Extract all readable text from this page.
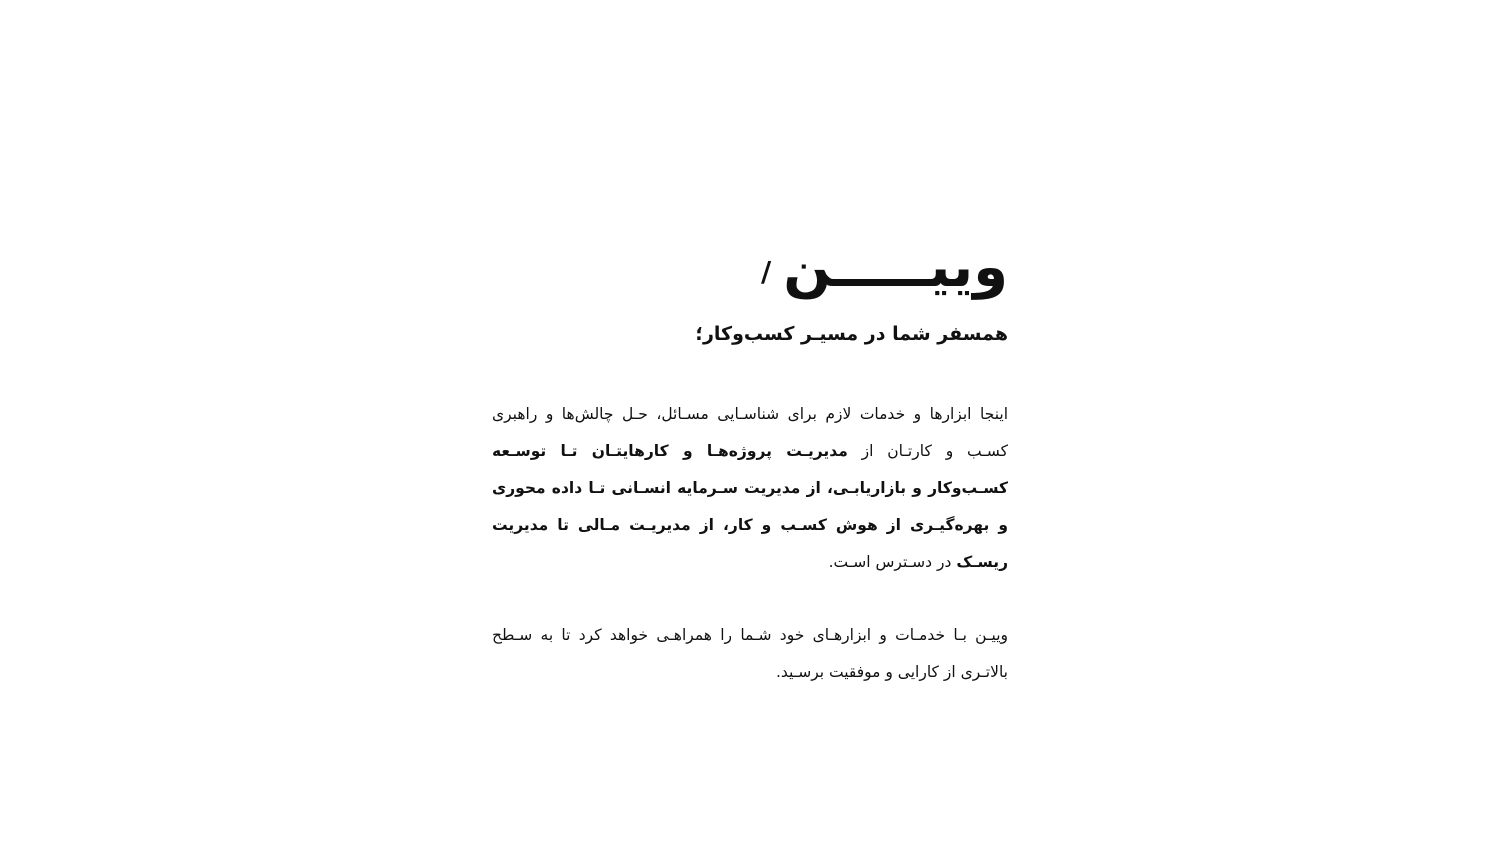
وییـــــن
/
همسفر شما در مسیـر کسب‌وکار؛

اینجا ابزارها و خدمات لازم برای شناسـایی مسـائل، حـل چالش‌ها و راهبری کسـب و کارتـان از مدیریـت پروژه‌هـا و کارهایتـان تـا توسـعه کسـب‌وکار و بازاریابـی، از مدیریت سـرمایه انسـانی تـا داده محوری و بهره‌گیـری از هوش کسـب و کار، از مدیریـت مـالی تا مدیریت ریسـک در دسـترس اسـت.

وییـن بـا خدمـات و ابزارهـای خود شـما را همراهـی خواهد کرد تا به سـطح بالاتـری از کارایی و موفقیت برسـید.
